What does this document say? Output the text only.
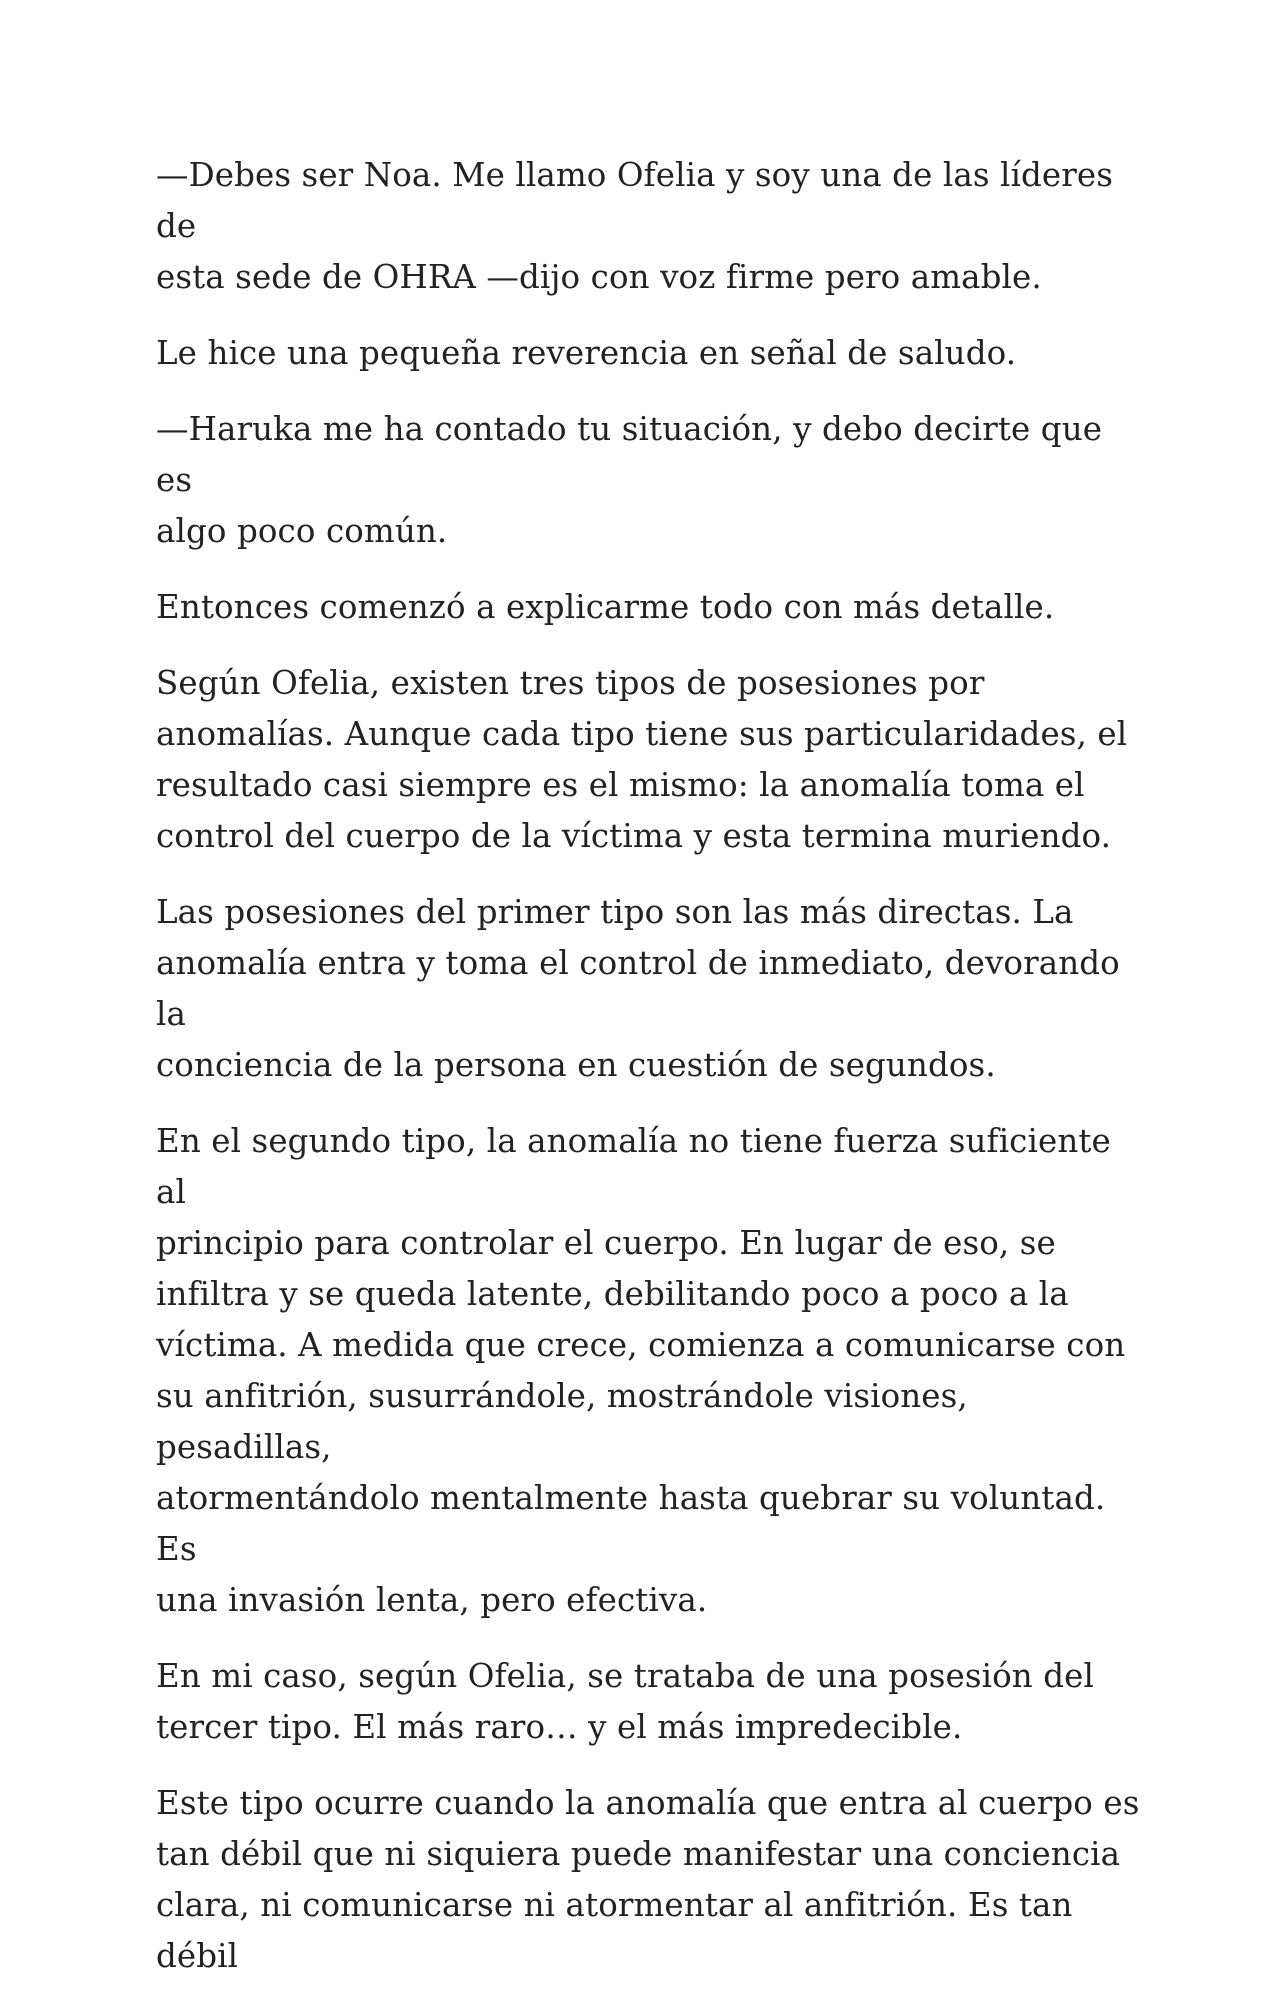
—Debes ser Noa. Me llamo Ofelia y soy una de las líderes de
esta sede de OHRA —dijo con voz firme pero amable.

Le hice una pequeña reverencia en señal de saludo.

—Haruka me ha contado tu situación, y debo decirte que es
algo poco común.

Entonces comenzó a explicarme todo con más detalle.

Según Ofelia, existen tres tipos de posesiones por
anomalías. Aunque cada tipo tiene sus particularidades, el
resultado casi siempre es el mismo: la anomalía toma el
control del cuerpo de la víctima y esta termina muriendo.

Las posesiones del primer tipo son las más directas. La
anomalía entra y toma el control de inmediato, devorando la
conciencia de la persona en cuestión de segundos.

En el segundo tipo, la anomalía no tiene fuerza suficiente al
principio para controlar el cuerpo. En lugar de eso, se
infiltra y se queda latente, debilitando poco a poco a la
víctima. A medida que crece, comienza a comunicarse con
su anfitrión, susurrándole, mostrándole visiones, pesadillas,
atormentándolo mentalmente hasta quebrar su voluntad. Es
una invasión lenta, pero efectiva.

En mi caso, según Ofelia, se trataba de una posesión del
tercer tipo. El más raro… y el más impredecible.

Este tipo ocurre cuando la anomalía que entra al cuerpo es
tan débil que ni siquiera puede manifestar una conciencia
clara, ni comunicarse ni atormentar al anfitrión. Es tan débil
